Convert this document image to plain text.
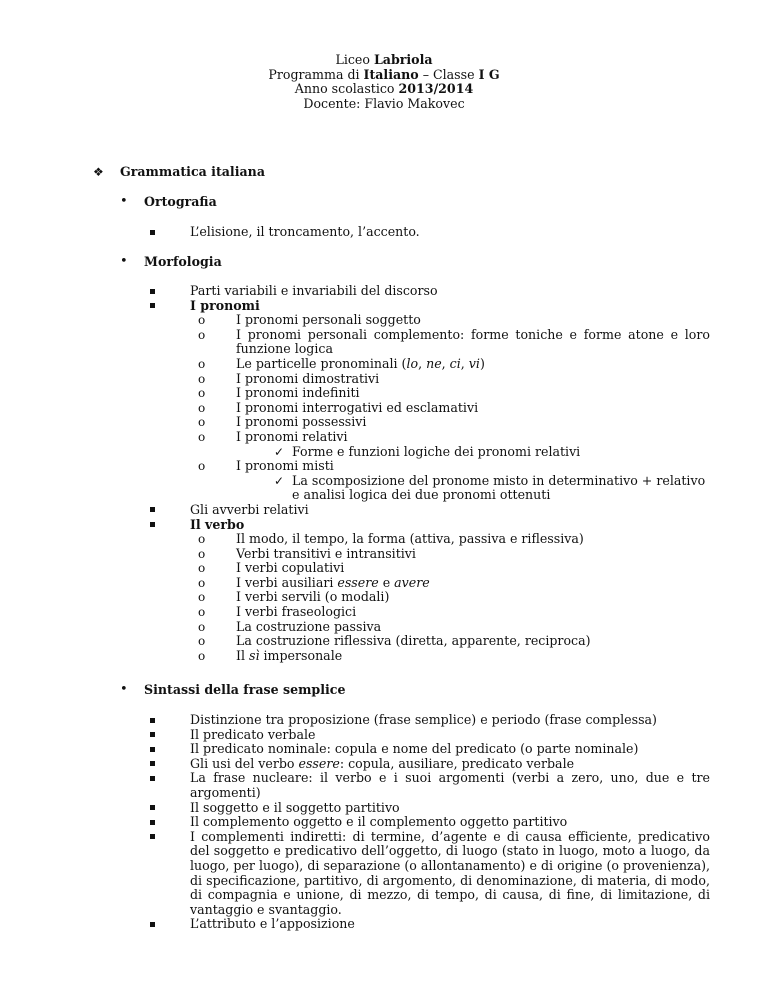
Liceo Labriola
Programma di Italiano – Classe I G
Anno scolastico 2013/2014
Docente: Flavio Makovec
❖ Grammatica italiana
• Ortografia
L’elisione, il troncamento, l’accento.
• Morfologia
Parti variabili e invariabili del discorso
I pronomi
o I pronomi personali soggetto
o I pronomi personali complemento: forme toniche e forme atone e loro funzione logica
o Le particelle pronominali (lo, ne, ci, vi)
o I pronomi dimostrativi
o I pronomi indefiniti
o I pronomi interrogativi ed esclamativi
o I pronomi possessivi
o I pronomi relativi
✓ Forme e funzioni logiche dei pronomi relativi
o I pronomi misti
✓ La scomposizione del pronome misto in determinativo + relativo e analisi logica dei due pronomi ottenuti
Gli avverbi relativi
Il verbo
o Il modo, il tempo, la forma (attiva, passiva e riflessiva)
o Verbi transitivi e intransitivi
o I verbi copulativi
o I verbi ausiliari essere e avere
o I verbi servili (o modali)
o I verbi fraseologici
o La costruzione passiva
o La costruzione riflessiva (diretta, apparente, reciproca)
o Il sì impersonale
• Sintassi della frase semplice
Distinzione tra proposizione (frase semplice) e periodo (frase complessa)
Il predicato verbale
Il predicato nominale: copula e nome del predicato (o parte nominale)
Gli usi del verbo essere: copula, ausiliare, predicato verbale
La frase nucleare: il verbo e i suoi argomenti (verbi a zero, uno, due e tre argomenti)
Il soggetto e il soggetto partitivo
Il complemento oggetto e il complemento oggetto partitivo
I complementi indiretti: di termine, d’agente e di causa efficiente, predicativo del soggetto e predicativo dell’oggetto, di luogo (stato in luogo, moto a luogo, da luogo, per luogo), di separazione (o allontanamento) e di origine (o provenienza), di specificazione, partitivo, di argomento, di denominazione, di materia, di modo, di compagnia e unione, di mezzo, di tempo, di causa, di fine, di limitazione, di vantaggio e svantaggio.
L’attributo e l’apposizione
